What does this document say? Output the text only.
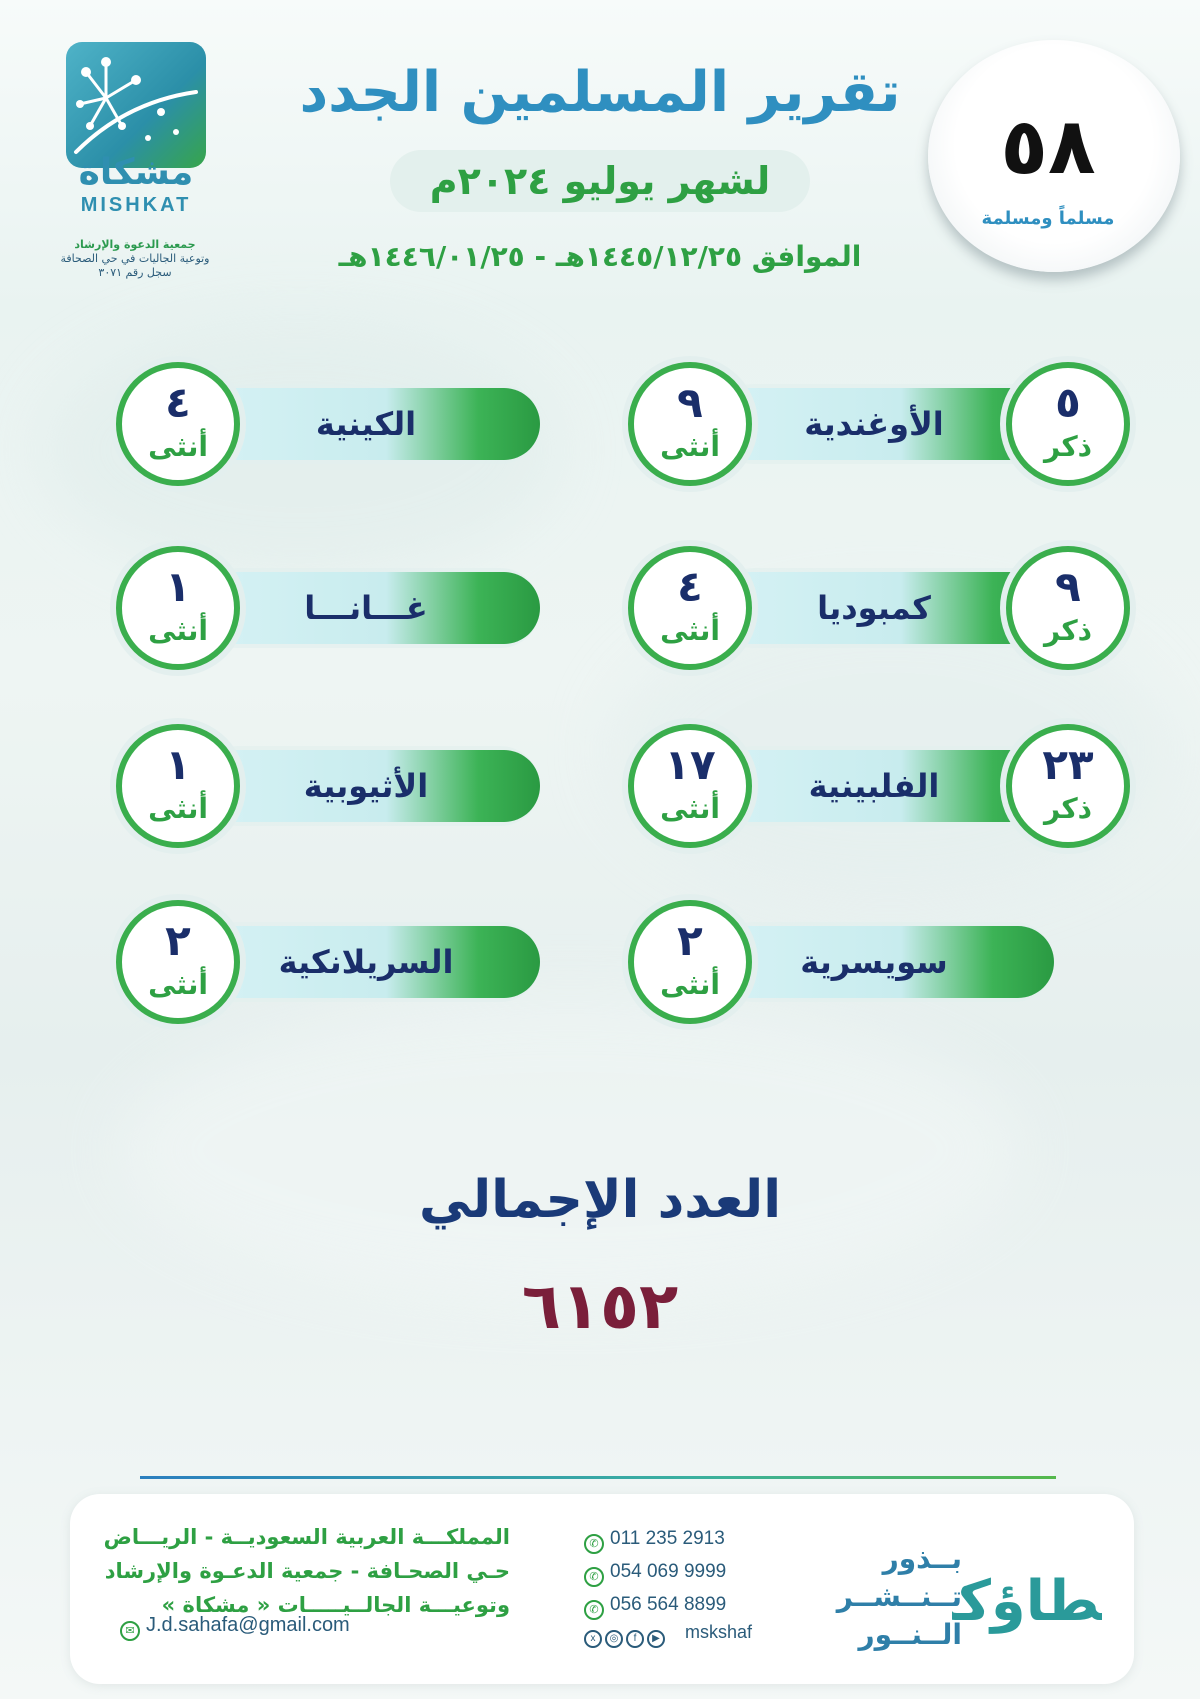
مشكاة
MISHKAT
جمعية الدعوة والإرشاد
وتوعية الجاليات في حي الصحافة
سجل رقم ٣٠٧١
تقرير المسلمين الجدد
لشهر يوليو ٢٠٢٤م
الموافق ١٤٤٥/١٢/٢٥هـ - ١٤٤٦/٠١/٢٥هـ
٥٨
مسلماً ومسلمة
الأوغندية	٥
ذكر
٩
أنثى
الكينية
٤
أنثى
كمبوديا	٩
ذكر
٤
أنثى
غـــانـــا
١
أنثى
الفلبينية	٢٣
ذكر
١٧
أنثى
الأثيوبية
١
أنثى
سويسرية
٢
أنثى
السريلانكية
٢
أنثى
العدد الإجمالي
٦١٥٢
المملكـــة العربية السعوديــة - الريـــاض
حـي الصحـافة - جمعية الدعـوة والإرشاد
وتوعيـــة الجالــيـــــات « مشكاة »
✉ J.d.sahafa@gmail.com
✆ 011 235 2913
✆ 054 069 9999
✆ 056 564 8899
x ◎ f ▶ mskshaf
بــذور
تــنــشــر
الــنــور
طاؤك
